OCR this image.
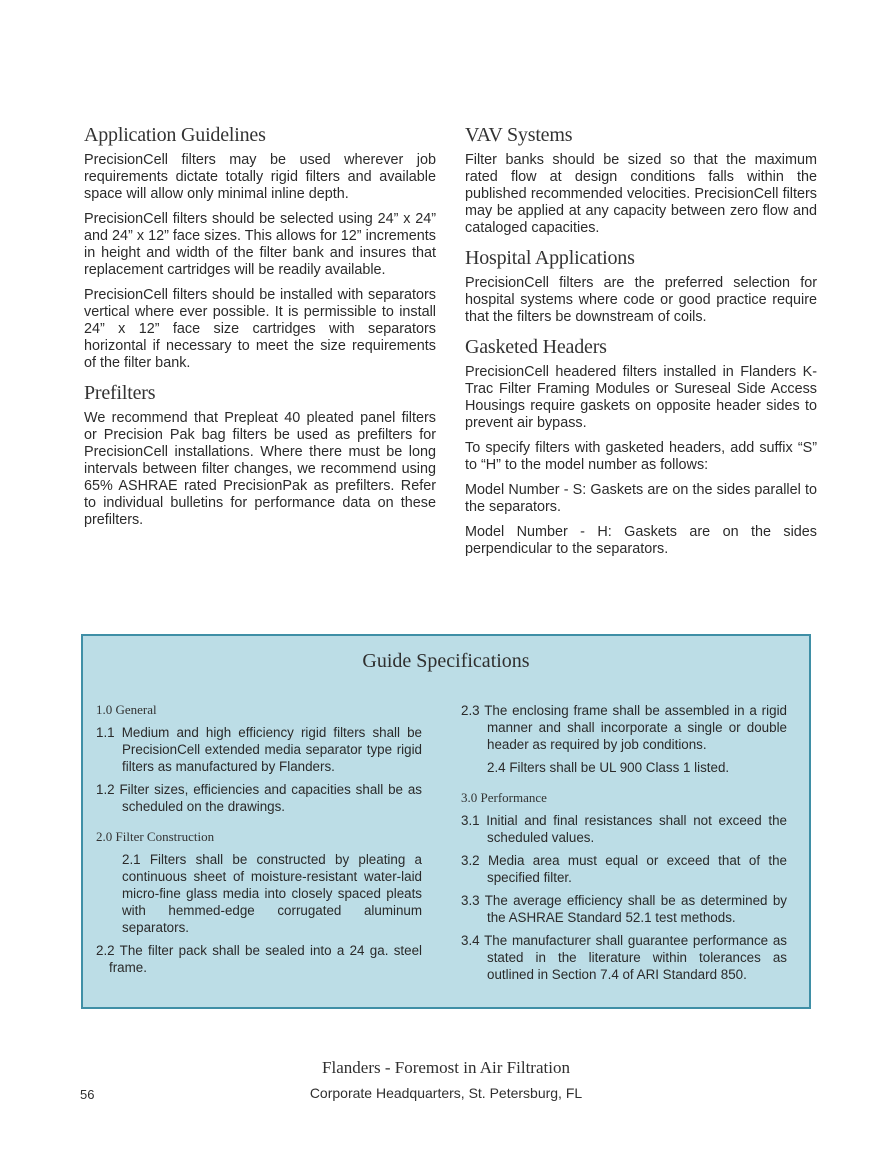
Application Guidelines

PrecisionCell filters may be used wherever job requirements dictate totally rigid filters and available space will allow only minimal inline depth.

PrecisionCell filters should be selected using 24” x 24” and 24” x 12” face sizes. This allows for 12” increments in height and width of the filter bank and insures that replacement cartridges will be readily available.

PrecisionCell filters should be installed with separators vertical where ever possible. It is permissible to install 24” x 12” face size cartridges with separators horizontal if necessary to meet the size requirements of the filter bank.

Prefilters

We recommend that Prepleat 40 pleated panel filters or Precision Pak bag filters be used as prefilters for PrecisionCell installations. Where there must be long intervals between filter changes, we recommend using 65% ASHRAE rated PrecisionPak as prefilters. Refer to individual bulletins for performance data on these prefilters.

VAV Systems

Filter banks should be sized so that the maximum rated flow at design conditions falls within the published recommended velocities. PrecisionCell filters may be applied at any capacity between zero flow and cataloged capacities.

Hospital Applications

PrecisionCell filters are the preferred selection for hospital systems where code or good practice require that the filters be downstream of coils.

Gasketed Headers

PrecisionCell headered filters installed in Flanders K-Trac Filter Framing Modules or Sureseal Side Access Housings require gaskets on opposite header sides to prevent air bypass.

To specify filters with gasketed headers, add suffix “S” to “H” to the model number as follows:

Model Number - S: Gaskets are on the sides parallel to the separators.

Model Number - H: Gaskets are on the sides perpendicular to the separators.

Guide Specifications
1.0 General
1.1 Medium and high efficiency rigid filters shall be PrecisionCell extended media separator type rigid filters as manufactured by Flanders.
1.2 Filter sizes, efficiencies and capacities shall be as scheduled on the drawings.
2.0 Filter Construction
2.1 Filters shall be constructed by pleating a continuous sheet of moisture-resistant water-laid micro-fine glass media into closely spaced pleats with hemmed-edge corrugated aluminum separators.
2.2 The filter pack shall be sealed into a 24 ga. steel frame.
2.3 The enclosing frame shall be assembled in a rigid manner and shall incorporate a single or double header as required by job conditions.
2.4 Filters shall be UL 900 Class 1 listed.
3.0 Performance
3.1 Initial and final resistances shall not exceed the scheduled values.
3.2 Media area must equal or exceed that of the specified filter.
3.3 The average efficiency shall be as determined by the ASHRAE Standard 52.1 test methods.
3.4 The manufacturer shall guarantee performance as stated in the literature within tolerances as outlined in Section 7.4 of ARI Standard 850.
Flanders - Foremost in Air Filtration
56	Corporate Headquarters, St. Petersburg, FL
